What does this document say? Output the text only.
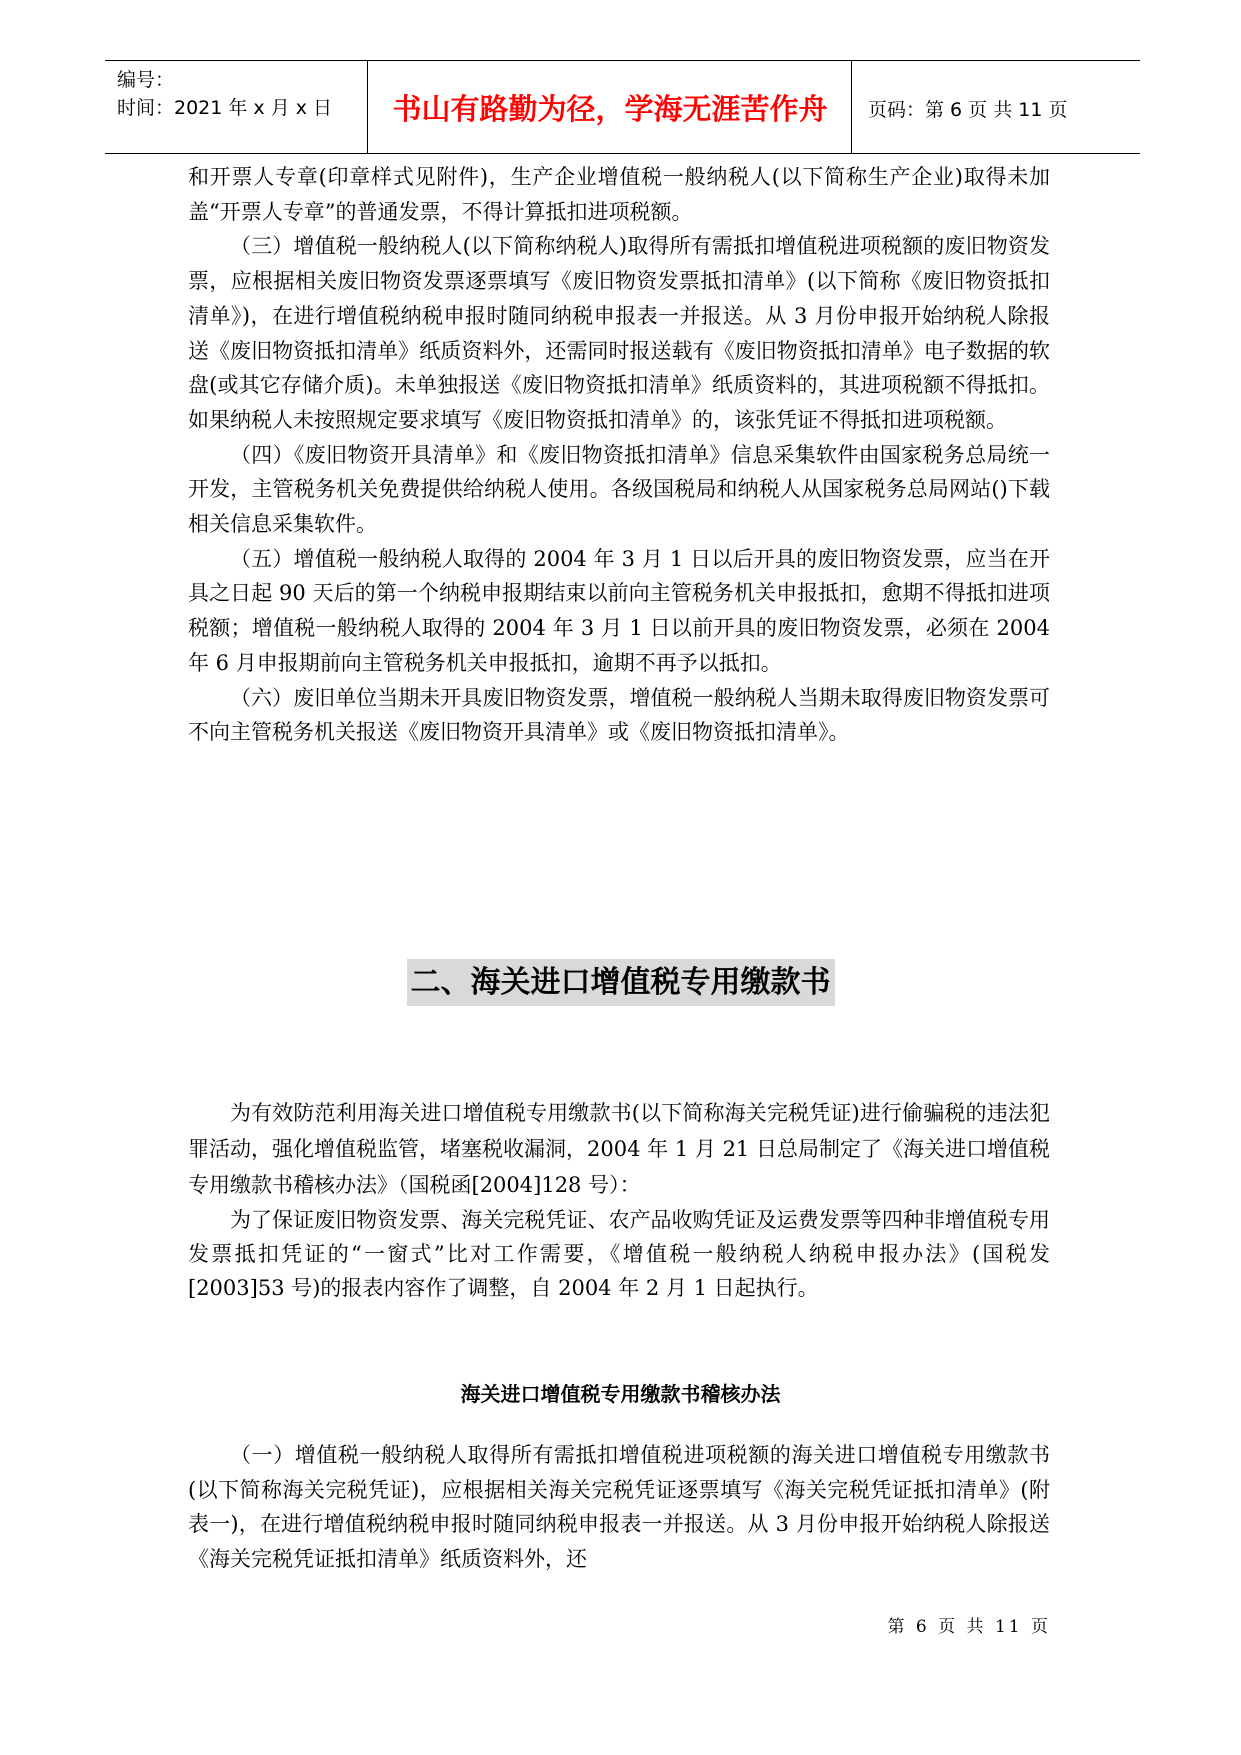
编号：
时间：2021 年 x 月 x 日	书山有路勤为径，学海无涯苦作舟	页码：第 6 页 共 11 页

和开票人专章(印章样式见附件)，生产企业增值税一般纳税人(以下简称生产企业)取得未加盖“开票人专章”的普通发票，不得计算抵扣进项税额。

（三）增值税一般纳税人(以下简称纳税人)取得所有需抵扣增值税进项税额的废旧物资发票，应根据相关废旧物资发票逐票填写《废旧物资发票抵扣清单》(以下简称《废旧物资抵扣清单》)，在进行增值税纳税申报时随同纳税申报表一并报送。从 3 月份申报开始纳税人除报送《废旧物资抵扣清单》纸质资料外，还需同时报送载有《废旧物资抵扣清单》电子数据的软盘(或其它存储介质)。未单独报送《废旧物资抵扣清单》纸质资料的，其进项税额不得抵扣。如果纳税人未按照规定要求填写《废旧物资抵扣清单》的，该张凭证不得抵扣进项税额。

（四）《废旧物资开具清单》和《废旧物资抵扣清单》信息采集软件由国家税务总局统一开发，主管税务机关免费提供给纳税人使用。各级国税局和纳税人从国家税务总局网站()下载相关信息采集软件。

（五）增值税一般纳税人取得的 2004 年 3 月 1 日以后开具的废旧物资发票，应当在开具之日起 90 天后的第一个纳税申报期结束以前向主管税务机关申报抵扣，愈期不得抵扣进项税额；增值税一般纳税人取得的 2004 年 3 月 1 日以前开具的废旧物资发票，必须在 2004 年 6 月申报期前向主管税务机关申报抵扣，逾期不再予以抵扣。

（六）废旧单位当期未开具废旧物资发票，增值税一般纳税人当期未取得废旧物资发票可不向主管税务机关报送《废旧物资开具清单》或《废旧物资抵扣清单》。

二、海关进口增值税专用缴款书

为有效防范利用海关进口增值税专用缴款书(以下简称海关完税凭证)进行偷骗税的违法犯罪活动，强化增值税监管，堵塞税收漏洞，2004 年 1 月 21 日总局制定了《海关进口增值税专用缴款书稽核办法》（国税函[2004]128 号）：

为了保证废旧物资发票、海关完税凭证、农产品收购凭证及运费发票等四种非增值税专用发票抵扣凭证的“一窗式”比对工作需要，《增值税一般纳税人纳税申报办法》(国税发[2003]53 号)的报表内容作了调整，自 2004 年 2 月 1 日起执行。

海关进口增值税专用缴款书稽核办法

（一）增值税一般纳税人取得所有需抵扣增值税进项税额的海关进口增值税专用缴款书(以下简称海关完税凭证)，应根据相关海关完税凭证逐票填写《海关完税凭证抵扣清单》(附表一)，在进行增值税纳税申报时随同纳税申报表一并报送。从 3 月份申报开始纳税人除报送《海关完税凭证抵扣清单》纸质资料外，还

第 6 页 共 11 页
